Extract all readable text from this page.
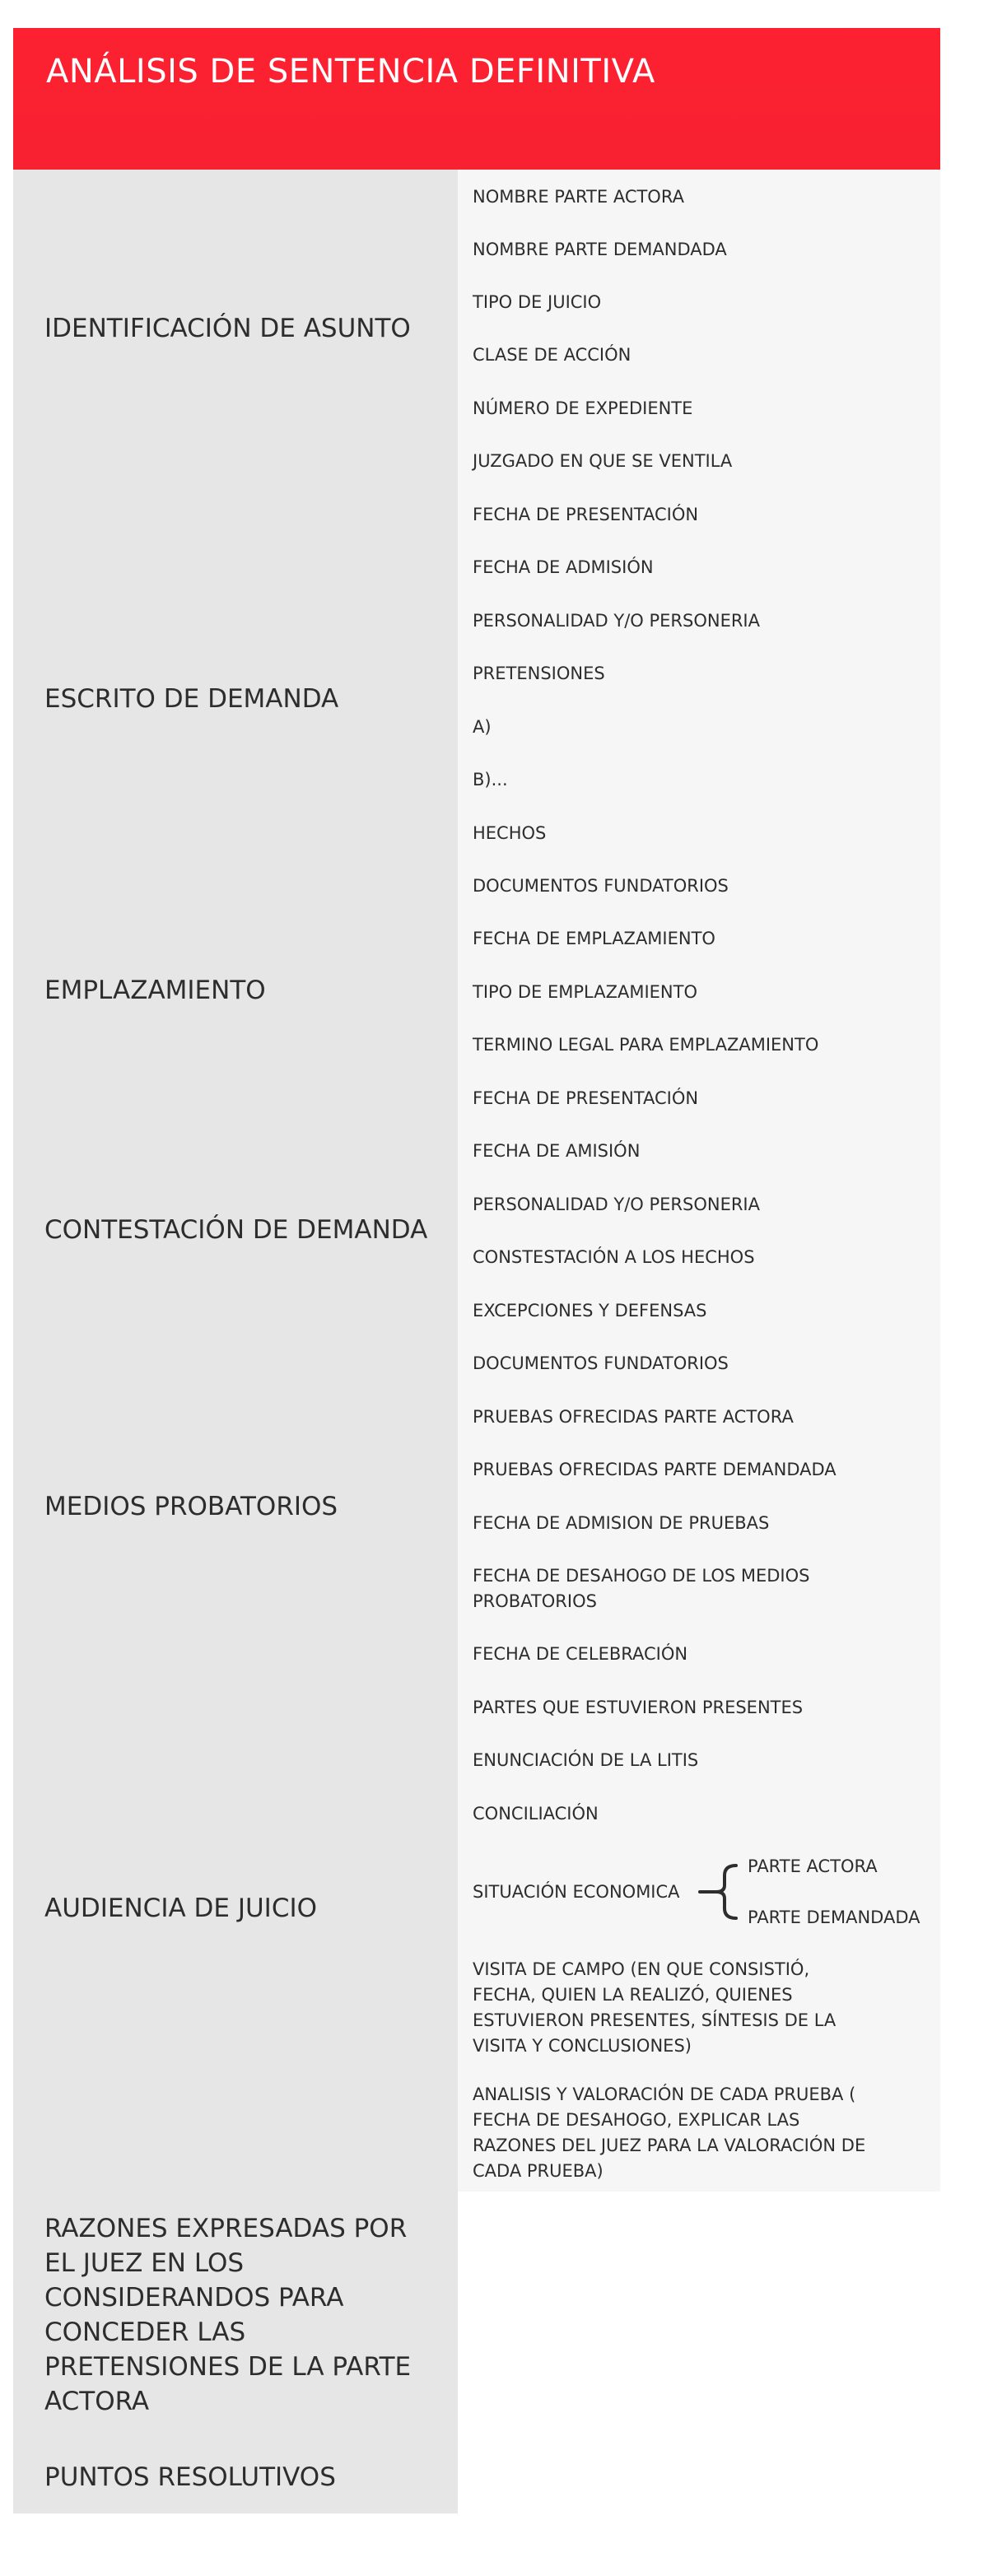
ANÁLISIS DE SENTENCIA DEFINITIVA
IDENTIFICACIÓN DE ASUNTO
ESCRITO DE DEMANDA
EMPLAZAMIENTO
CONTESTACIÓN DE DEMANDA
MEDIOS PROBATORIOS
AUDIENCIA DE JUICIO
RAZONES EXPRESADAS POR EL JUEZ EN LOS CONSIDERANDOS PARA CONCEDER LAS PRETENSIONES DE LA PARTE ACTORA
PUNTOS RESOLUTIVOS
NOMBRE PARTE ACTORA
NOMBRE PARTE DEMANDADA
TIPO DE JUICIO
CLASE DE ACCIÓN
NÚMERO DE EXPEDIENTE
JUZGADO EN QUE SE VENTILA
FECHA DE PRESENTACIÓN
FECHA DE ADMISIÓN
PERSONALIDAD Y/O PERSONERIA
PRETENSIONES
A)
B)...
HECHOS
DOCUMENTOS FUNDATORIOS
FECHA DE EMPLAZAMIENTO
TIPO DE EMPLAZAMIENTO
TERMINO LEGAL PARA EMPLAZAMIENTO
FECHA DE PRESENTACIÓN
FECHA DE AMISIÓN
PERSONALIDAD Y/O PERSONERIA
CONSTESTACIÓN A LOS HECHOS
EXCEPCIONES Y DEFENSAS
DOCUMENTOS FUNDATORIOS
PRUEBAS OFRECIDAS PARTE ACTORA
PRUEBAS OFRECIDAS PARTE DEMANDADA
FECHA DE ADMISION DE PRUEBAS
FECHA DE DESAHOGO DE LOS MEDIOS PROBATORIOS
FECHA DE CELEBRACIÓN
PARTES QUE ESTUVIERON PRESENTES
ENUNCIACIÓN DE LA LITIS
CONCILIACIÓN
SITUACIÓN ECONOMICA
VISITA DE CAMPO (EN QUE CONSISTIÓ, FECHA, QUIEN LA REALIZÓ, QUIENES ESTUVIERON PRESENTES, SÍNTESIS DE LA VISITA Y CONCLUSIONES)
ANALISIS Y VALORACIÓN DE CADA PRUEBA ( FECHA DE DESAHOGO, EXPLICAR LAS RAZONES DEL JUEZ PARA LA VALORACIÓN DE CADA PRUEBA)
PARTE ACTORA
PARTE DEMANDADA
